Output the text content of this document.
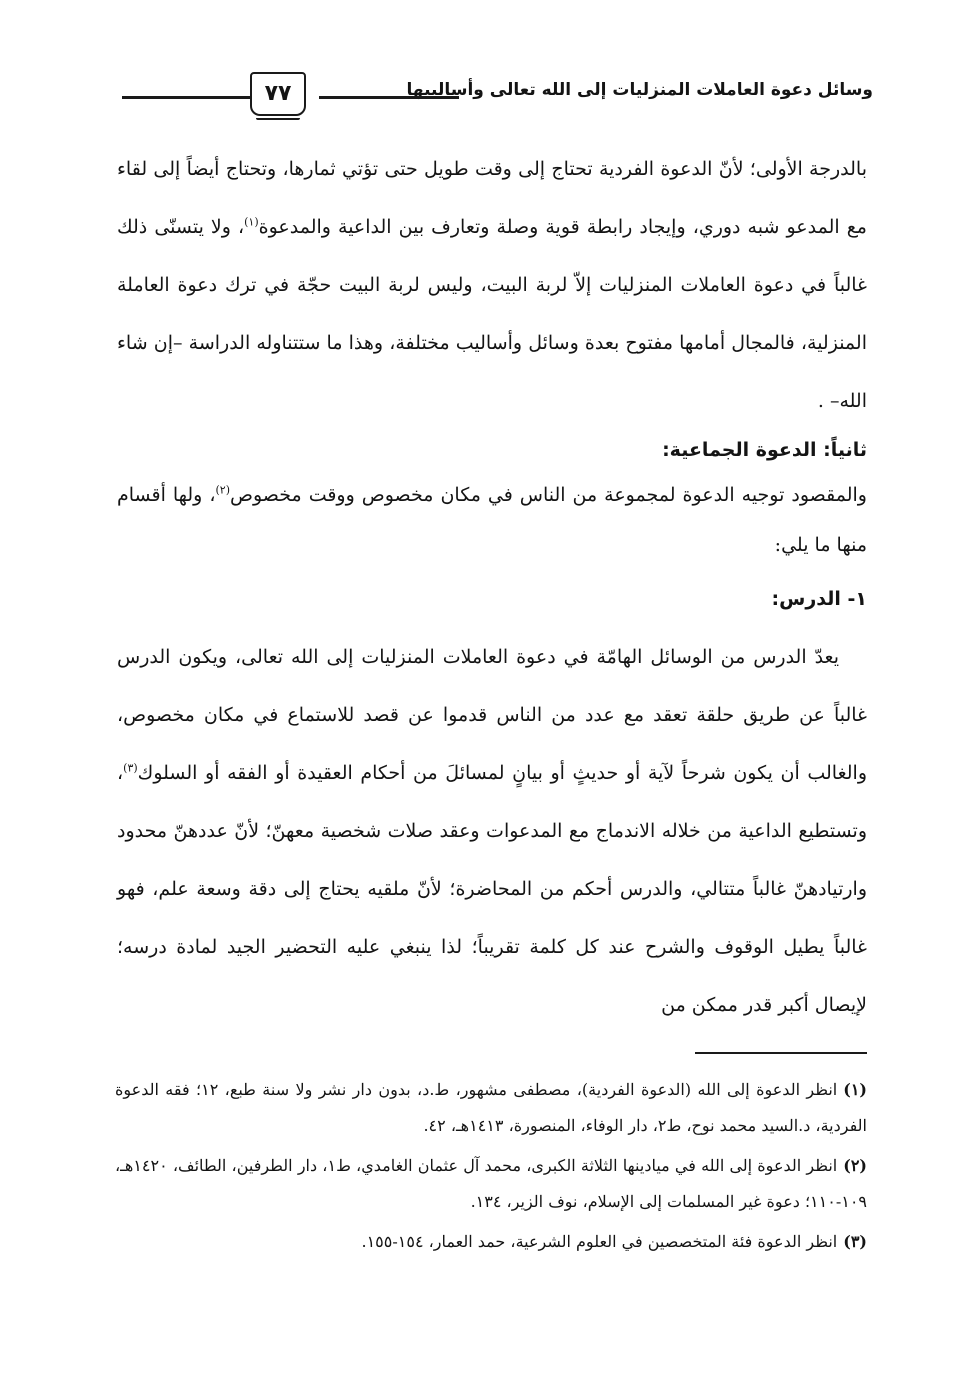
وسائل دعوة العاملات المنزليات إلى الله تعالى وأساليبها
٧٧

بالدرجة الأولى؛ لأنّ الدعوة الفردية تحتاج إلى وقت طويل حتى تؤتي ثمارها، وتحتاج أيضاً إلى لقاء مع المدعو شبه دوري، وإيجاد رابطة قوية وصلة وتعارف بين الداعية والمدعوة$^{(١)}$، ولا يتسنّى ذلك غالباً في دعوة العاملات المنزليات إلاّ لربة البيت، وليس لربة البيت حجّة في ترك دعوة العاملة المنزلية، فالمجال أمامها مفتوح بعدة وسائل وأساليب مختلفة، وهذا ما ستتناوله الدراسة –إن شاء الله– .

ثانياً: الدعوة الجماعية:

والمقصود توجيه الدعوة لمجموعة من الناس في مكان مخصوص ووقت مخصوص$^{(٢)}$، ولها أقسام منها ما يلي:

١- الدرس:

يعدّ الدرس من الوسائل الهامّة في دعوة العاملات المنزليات إلى الله تعالى، ويكون الدرس غالباً عن طريق حلقة تعقد مع عدد من الناس قدموا عن قصد للاستماع في مكان مخصوص، والغالب أن يكون شرحاً لآية أو حديثٍ أو بيانٍ لمسائلَ من أحكام العقيدة أو الفقه أو السلوك$^{(٣)}$، وتستطيع الداعية من خلاله الاندماج مع المدعوات وعقد صلات شخصية معهنّ؛ لأنّ عددهنّ محدود وارتيادهنّ غالباً متتالي، والدرس أحكم من المحاضرة؛ لأنّ ملقيه يحتاج إلى دقة وسعة علم، فهو غالباً يطيل الوقوف والشرح عند كل كلمة تقريباً؛ لذا ينبغي عليه التحضير الجيد لمادة درسه؛ لإيصال أكبر قدر ممكن من

(١)انظر الدعوة إلى الله (الدعوة الفردية)، مصطفى مشهور، ط.د، بدون دار نشر ولا سنة طبع، ١٢؛ فقه الدعوة الفردية، د.السيد محمد نوح، ط٢، دار الوفاء، المنصورة، ١٤١٣هـ، ٤٢.

(٢)انظر الدعوة إلى الله في ميادينها الثلاثة الكبرى، محمد آل عثمان الغامدي، ط١، دار الطرفين، الطائف، ١٤٢٠هـ، ١٠٩-١١٠؛ دعوة غير المسلمات إلى الإسلام، نوف الزير، ١٣٤.

(٣)انظر الدعوة فئة المتخصصين في العلوم الشرعية، حمد العمار، ١٥٤-١٥٥.
